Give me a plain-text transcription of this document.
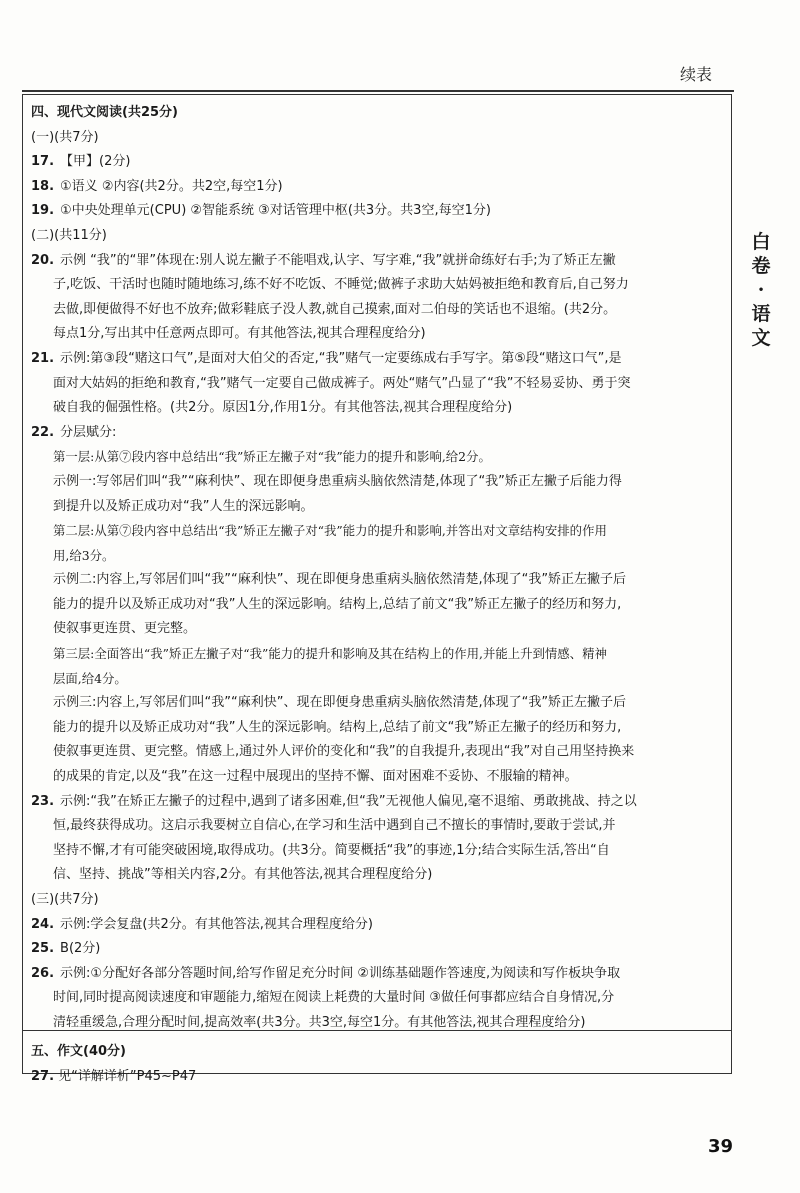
续表
白
卷
·
语
文
四、现代文阅读(共25分)
(一)(共7分)
17. 【甲】(2分)
18. ①语义 ②内容(共2分。共2空,每空1分)
19. ①中央处理单元(CPU) ②智能系统 ③对话管理中枢(共3分。共3空,每空1分)
(二)(共11分)
20. 示例 “我”的“罪”体现在:别人说左撇子不能唱戏,认字、写字难,“我”就拼命练好右手;为了矫正左撇
子,吃饭、干活时也随时随地练习,练不好不吃饭、不睡觉;做裤子求助大姑妈被拒绝和教育后,自己努力
去做,即便做得不好也不放弃;做彩鞋底子没人教,就自己摸索,面对二伯母的笑话也不退缩。(共2分。
每点1分,写出其中任意两点即可。有其他答法,视其合理程度给分)
21. 示例:第③段“赌这口气”,是面对大伯父的否定,“我”赌气一定要练成右手写字。第⑤段“赌这口气”,是
面对大姑妈的拒绝和教育,“我”赌气一定要自己做成裤子。两处“赌气”凸显了“我”不轻易妥协、勇于突
破自我的倔强性格。(共2分。原因1分,作用1分。有其他答法,视其合理程度给分)
22. 分层赋分:
第一层:从第⑦段内容中总结出“我”矫正左撇子对“我”能力的提升和影响,给2分。
示例一:写邻居们叫“我”“麻利快”、现在即便身患重病头脑依然清楚,体现了“我”矫正左撇子后能力得
到提升以及矫正成功对“我”人生的深远影响。
第二层:从第⑦段内容中总结出“我”矫正左撇子对“我”能力的提升和影响,并答出对文章结构安排的作用
用,给3分。
示例二:内容上,写邻居们叫“我”“麻利快”、现在即便身患重病头脑依然清楚,体现了“我”矫正左撇子后
能力的提升以及矫正成功对“我”人生的深远影响。结构上,总结了前文“我”矫正左撇子的经历和努力,
使叙事更连贯、更完整。
第三层:全面答出“我”矫正左撇子对“我”能力的提升和影响及其在结构上的作用,并能上升到情感、精神
层面,给4分。
示例三:内容上,写邻居们叫“我”“麻利快”、现在即便身患重病头脑依然清楚,体现了“我”矫正左撇子后
能力的提升以及矫正成功对“我”人生的深远影响。结构上,总结了前文“我”矫正左撇子的经历和努力,
使叙事更连贯、更完整。情感上,通过外人评价的变化和“我”的自我提升,表现出“我”对自己用坚持换来
的成果的肯定,以及“我”在这一过程中展现出的坚持不懈、面对困难不妥协、不服输的精神。
23. 示例:“我”在矫正左撇子的过程中,遇到了诸多困难,但“我”无视他人偏见,毫不退缩、勇敢挑战、持之以
恒,最终获得成功。这启示我要树立自信心,在学习和生活中遇到自己不擅长的事情时,要敢于尝试,并
坚持不懈,才有可能突破困境,取得成功。(共3分。简要概括“我”的事迹,1分;结合实际生活,答出“自
信、坚持、挑战”等相关内容,2分。有其他答法,视其合理程度给分)
(三)(共7分)
24. 示例:学会复盘(共2分。有其他答法,视其合理程度给分)
25. B(2分)
26. 示例:①分配好各部分答题时间,给写作留足充分时间 ②训练基础题作答速度,为阅读和写作板块争取
时间,同时提高阅读速度和审题能力,缩短在阅读上耗费的大量时间 ③做任何事都应结合自身情况,分
清轻重缓急,合理分配时间,提高效率(共3分。共3空,每空1分。有其他答法,视其合理程度给分)
五、作文(40分)
27. 见“详解详析”P45~P47
39
